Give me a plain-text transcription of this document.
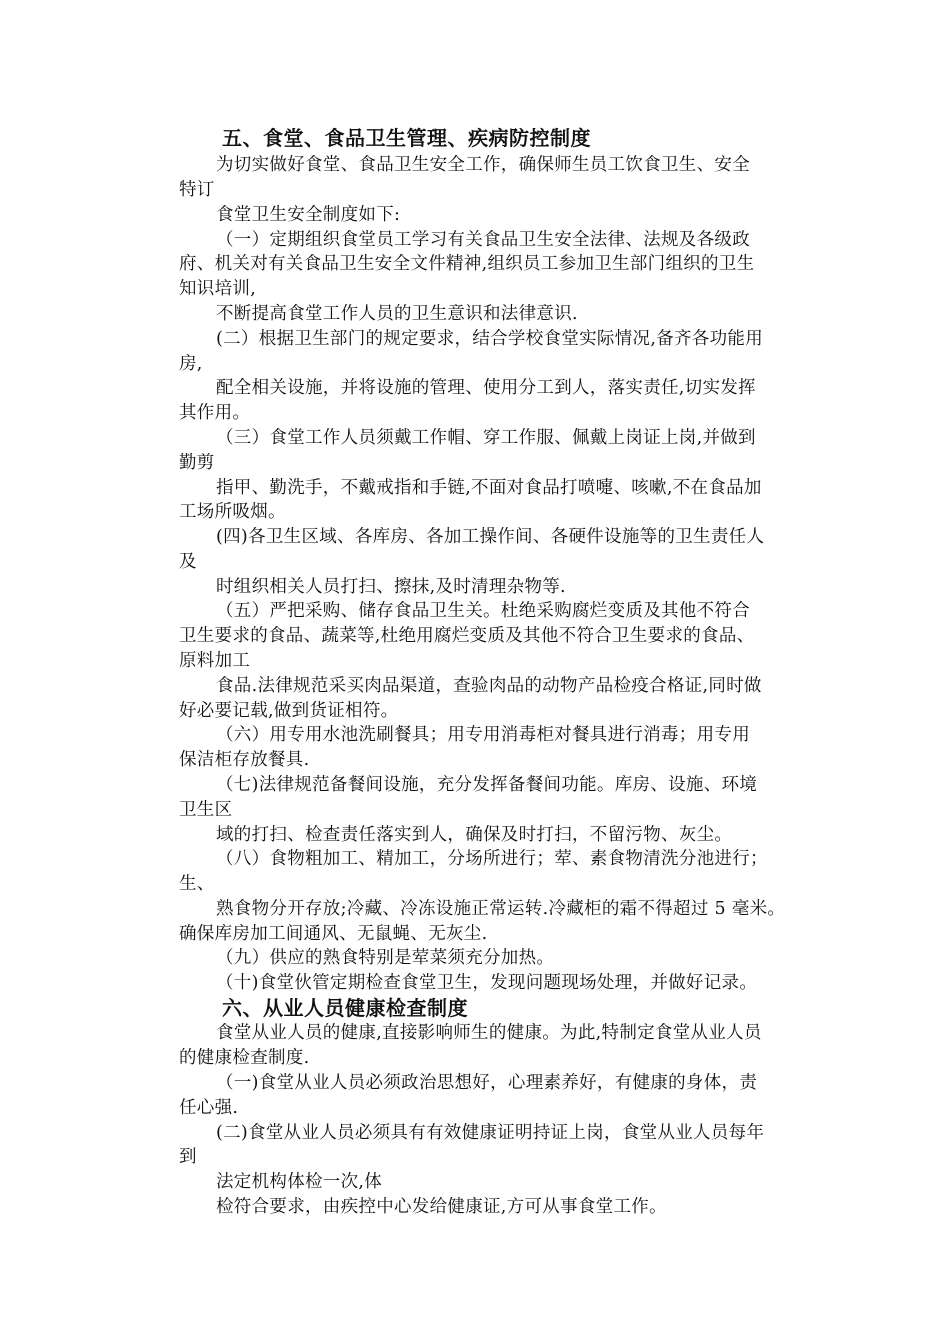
五、食堂、食品卫生管理、疾病防控制度
为切实做好食堂、食品卫生安全工作，确保师生员工饮食卫生、安全
特订
食堂卫生安全制度如下:
（一）定期组织食堂员工学习有关食品卫生安全法律、法规及各级政
府、机关对有关食品卫生安全文件精神,组织员工参加卫生部门组织的卫生
知识培训,
不断提高食堂工作人员的卫生意识和法律意识.
(二）根据卫生部门的规定要求，结合学校食堂实际情况,备齐各功能用
房,
配全相关设施，并将设施的管理、使用分工到人，落实责任,切实发挥
其作用。
（三）食堂工作人员须戴工作帽、穿工作服、佩戴上岗证上岗,并做到
勤剪
指甲、勤洗手，不戴戒指和手链,不面对食品打喷嚏、咳嗽,不在食品加
工场所吸烟。
(四)各卫生区域、各库房、各加工操作间、各硬件设施等的卫生责任人
及
时组织相关人员打扫、擦抹,及时清理杂物等.
（五）严把采购、储存食品卫生关。杜绝采购腐烂变质及其他不符合
卫生要求的食品、蔬菜等,杜绝用腐烂变质及其他不符合卫生要求的食品、
原料加工
食品.法律规范采买肉品渠道，查验肉品的动物产品检疫合格证,同时做
好必要记载,做到货证相符。
（六）用专用水池洗刷餐具；用专用消毒柜对餐具进行消毒；用专用
保洁柜存放餐具.
（七)法律规范备餐间设施，充分发挥备餐间功能。库房、设施、环境
卫生区
域的打扫、检查责任落实到人，确保及时打扫，不留污物、灰尘。
（八）食物粗加工、精加工，分场所进行；荤、素食物清洗分池进行；
生、
熟食物分开存放;冷藏、冷冻设施正常运转.冷藏柜的霜不得超过 5 毫米。
确保库房加工间通风、无鼠蝇、无灰尘.
（九）供应的熟食特别是荤菜须充分加热。
（十)食堂伙管定期检查食堂卫生，发现问题现场处理，并做好记录。
六、从业人员健康检查制度
食堂从业人员的健康,直接影响师生的健康。为此,特制定食堂从业人员
的健康检查制度.
（一)食堂从业人员必须政治思想好，心理素养好，有健康的身体，责
任心强.
(二)食堂从业人员必须具有有效健康证明持证上岗，食堂从业人员每年
到
法定机构体检一次,体
检符合要求，由疾控中心发给健康证,方可从事食堂工作。
